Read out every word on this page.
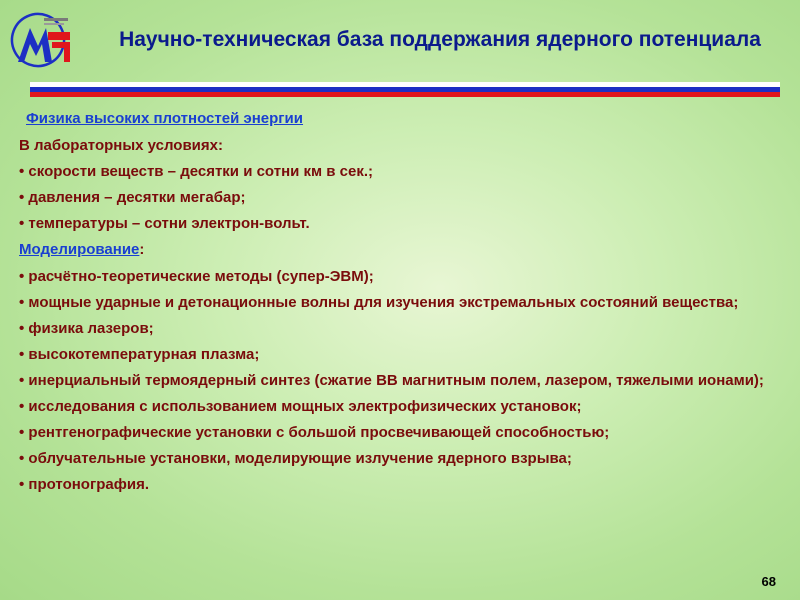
Научно-техническая база поддержания ядерного потенциала

Физика высоких плотностей энергии

В лабораторных условиях:

• скорости веществ – десятки и сотни км в сек.;

• давления – десятки мегабар;

• температуры – сотни электрон-вольт.

Моделирование:

• расчётно-теоретические методы (супер-ЭВМ);

• мощные ударные и детонационные волны для изучения экстремальных состояний вещества;

• физика лазеров;

• высокотемпературная плазма;

• инерциальный термоядерный синтез (сжатие ВВ магнитным полем, лазером, тяжелыми ионами);

• исследования с использованием мощных электрофизических установок;

• рентгенографические установки с большой просвечивающей способностью;

• облучательные установки, моделирующие излучение ядерного взрыва;

• протонография.

68
